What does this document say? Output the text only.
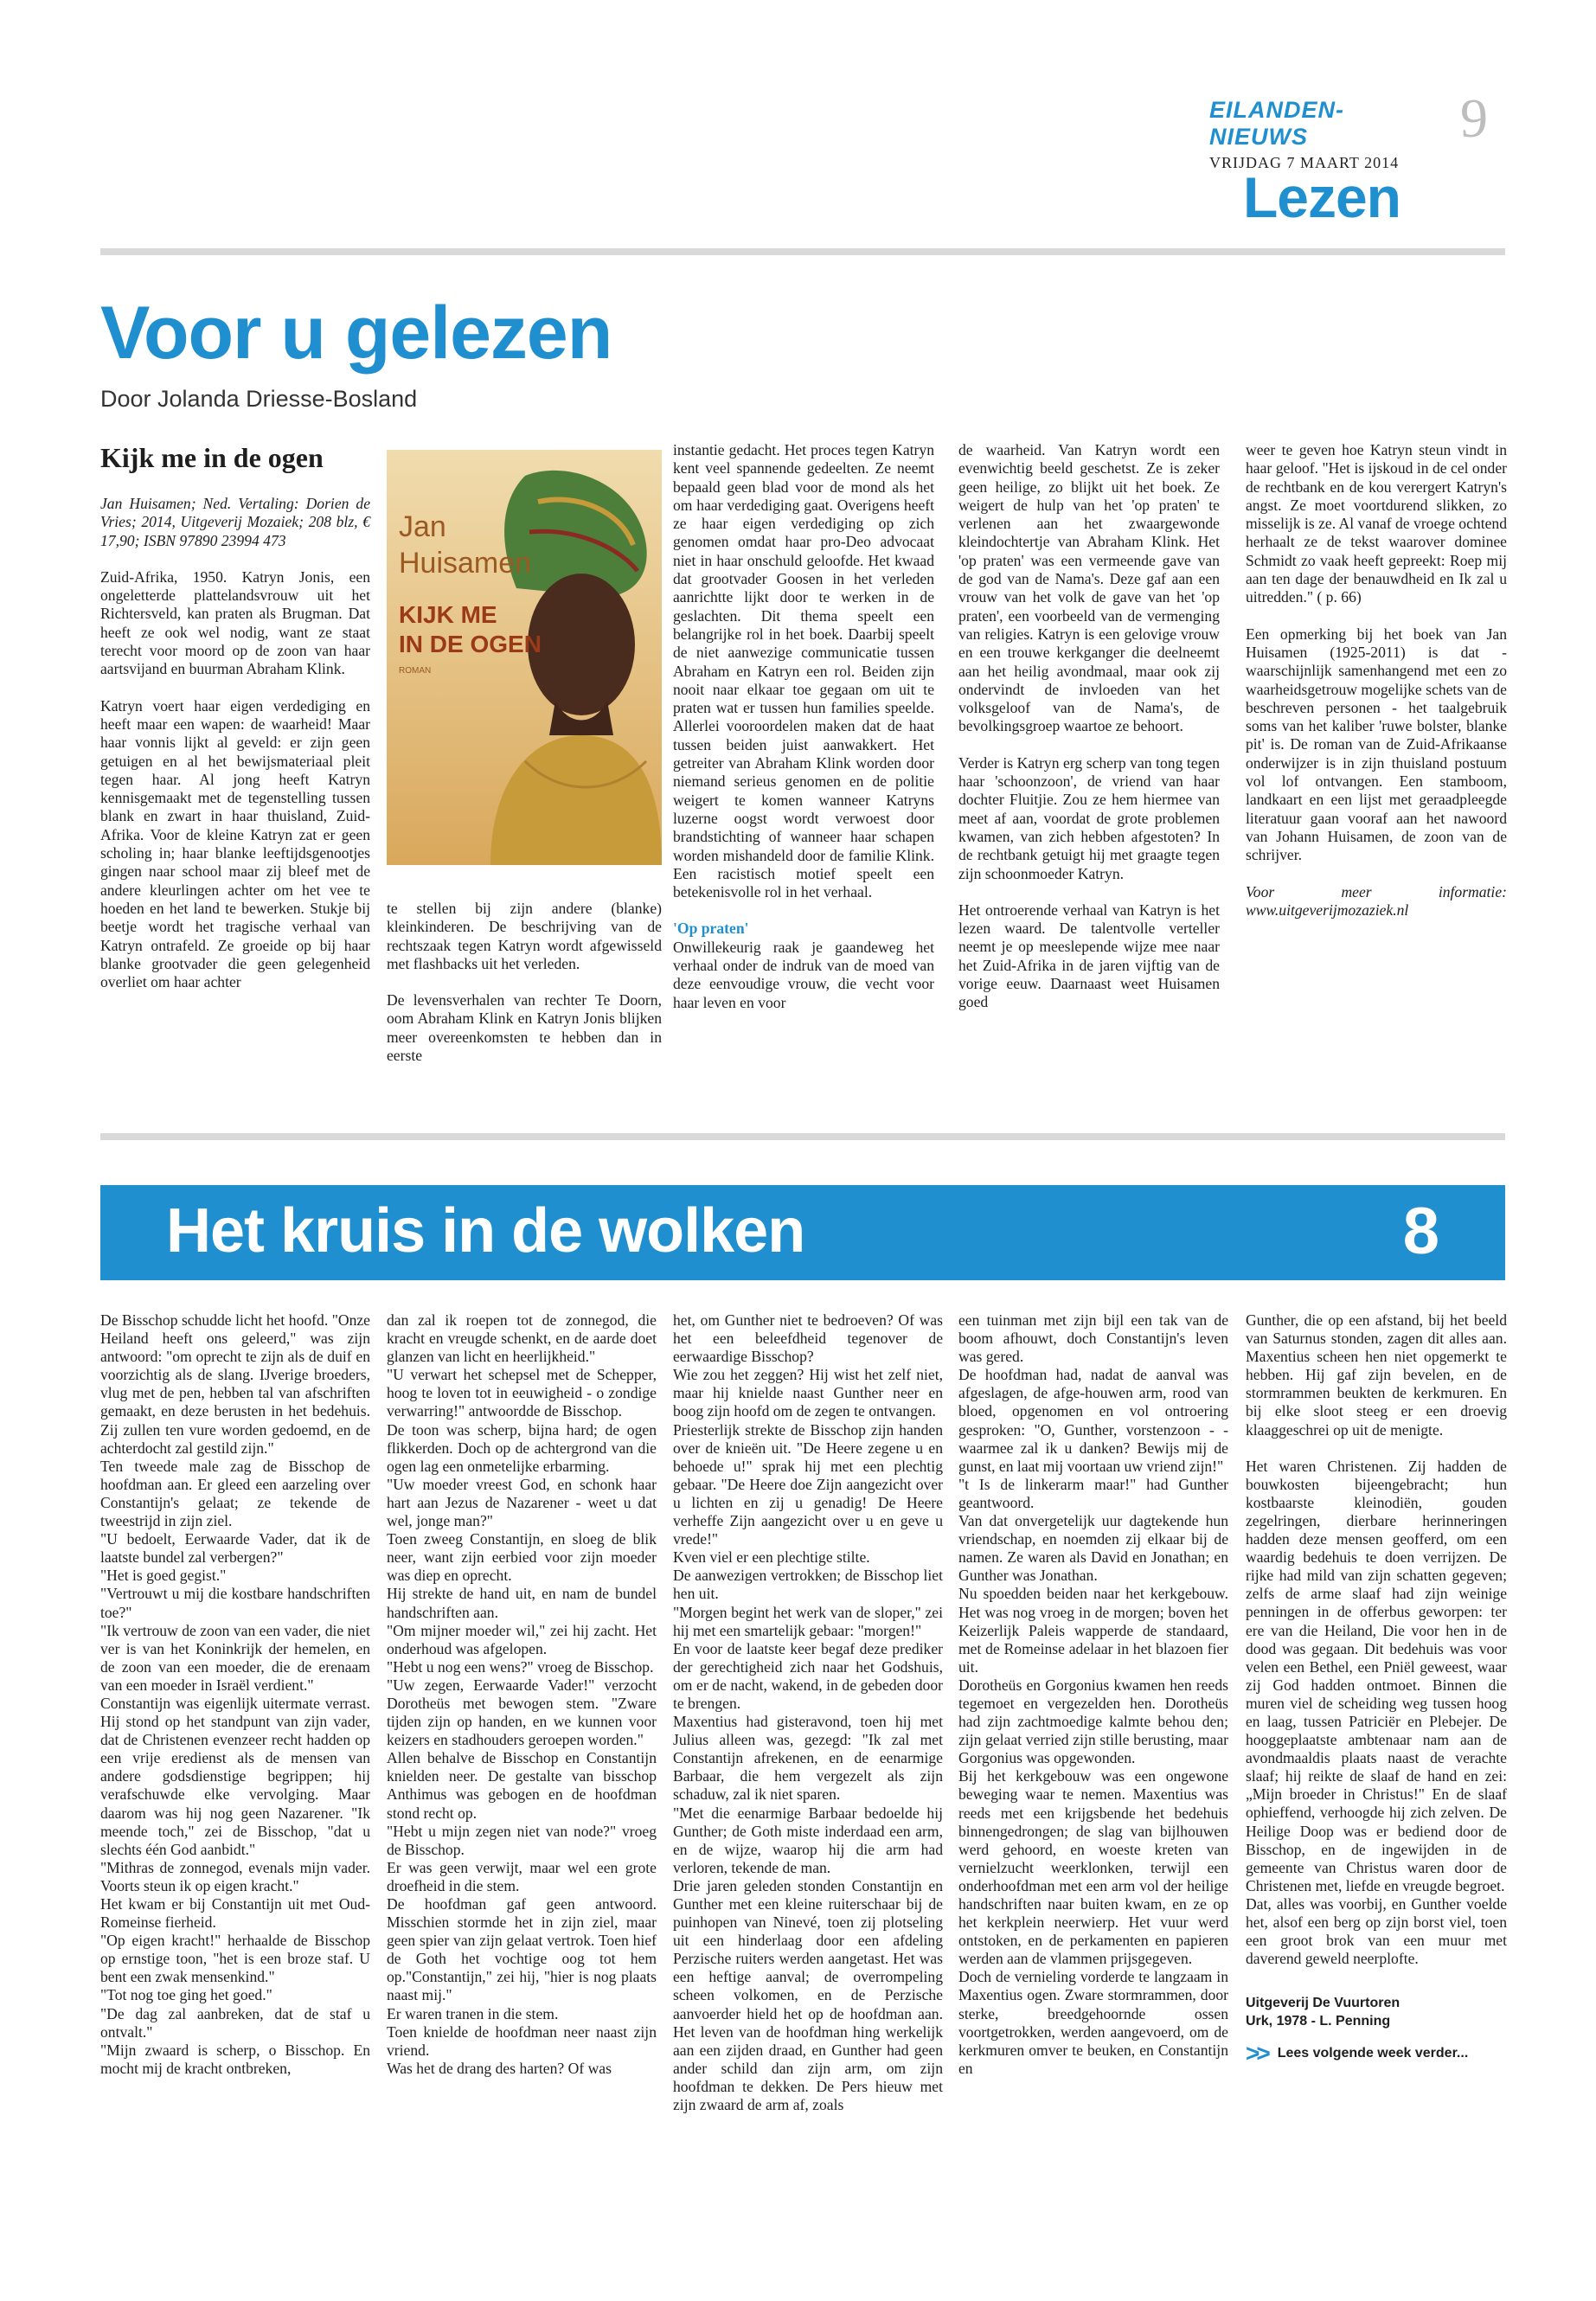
EILANDEN-NIEUWS
VRIJDAG 7 MAART 2014
9
Lezen
Voor u gelezen
Door Jolanda Driesse-Bosland
Kijk me in de ogen

Jan Huisamen; Ned. Vertaling: Dorien de Vries; 2014, Uitgeverij Mozaiek; 208 blz, € 17,90; ISBN 97890 23994 473

Zuid-Afrika, 1950. Katryn Jonis, een ongeletterde plattelandsvrouw uit het Richtersveld, kan praten als Brugman. Dat heeft ze ook wel nodig, want ze staat terecht voor moord op de zoon van haar aartsvijand en buurman Abraham Klink.

Katryn voert haar eigen verdediging en heeft maar een wapen: de waarheid! Maar haar vonnis lijkt al geveld: er zijn geen getuigen en al het bewijsmateriaal pleit tegen haar. Al jong heeft Katryn kennisgemaakt met de tegenstelling tussen blank en zwart in haar thuisland, Zuid-Afrika. Voor de kleine Katryn zat er geen scholing in; haar blanke leeftijdsgenootjes gingen naar school maar zij bleef met de andere kleurlingen achter om het vee te hoeden en het land te bewerken. Stukje bij beetje wordt het tragische verhaal van Katryn ontrafeld. Ze groeide op bij haar blanke grootvader die geen gelegenheid overliet om haar achter

Jan
Huisamen
KIJK ME
IN DE OGEN
ROMAN

te stellen bij zijn andere (blanke) kleinkinderen. De beschrijving van de rechtszaak tegen Katryn wordt afgewisseld met flashbacks uit het verleden.

De levensverhalen van rechter Te Doorn, oom Abraham Klink en Katryn Jonis blijken meer overeenkomsten te hebben dan in eerste

instantie gedacht. Het proces tegen Katryn kent veel spannende gedeelten. Ze neemt bepaald geen blad voor de mond als het om haar verdediging gaat. Overigens heeft ze haar eigen verdediging op zich genomen omdat haar pro-Deo advocaat niet in haar onschuld geloofde. Het kwaad dat grootvader Goosen in het verleden aanrichtte lijkt door te werken in de geslachten. Dit thema speelt een belangrijke rol in het boek. Daarbij speelt de niet aanwezige communicatie tussen Abraham en Katryn een rol. Beiden zijn nooit naar elkaar toe gegaan om uit te praten wat er tussen hun families speelde. Allerlei vooroordelen maken dat de haat tussen beiden juist aanwakkert. Het getreiter van Abraham Klink worden door niemand serieus genomen en de politie weigert te komen wanneer Katryns luzerne oogst wordt verwoest door brandstichting of wanneer haar schapen worden mishandeld door de familie Klink. Een racistisch motief speelt een betekenisvolle rol in het verhaal.

'Op praten'

Onwillekeurig raak je gaandeweg het verhaal onder de indruk van de moed van deze eenvoudige vrouw, die vecht voor haar leven en voor

de waarheid. Van Katryn wordt een evenwichtig beeld geschetst. Ze is zeker geen heilige, zo blijkt uit het boek. Ze weigert de hulp van het 'op praten' te verlenen aan het zwaargewonde kleindochtertje van Abraham Klink. Het 'op praten' was een vermeende gave van de god van de Nama's. Deze gaf aan een vrouw van het volk de gave van het 'op praten', een voorbeeld van de vermenging van religies. Katryn is een gelovige vrouw en een trouwe kerkganger die deelneemt aan het heilig avondmaal, maar ook zij ondervindt de invloeden van het volksgeloof van de Nama's, de bevolkingsgroep waartoe ze behoort.

Verder is Katryn erg scherp van tong tegen haar 'schoonzoon', de vriend van haar dochter Fluitjie. Zou ze hem hiermee van meet af aan, voordat de grote problemen kwamen, van zich hebben afgestoten? In de rechtbank getuigt hij met graagte tegen zijn schoonmoeder Katryn.

Het ontroerende verhaal van Katryn is het lezen waard. De talentvolle verteller neemt je op meeslepende wijze mee naar het Zuid-Afrika in de jaren vijftig van de vorige eeuw. Daarnaast weet Huisamen goed

weer te geven hoe Katryn steun vindt in haar geloof. "Het is ijskoud in de cel onder de rechtbank en de kou verergert Katryn's angst. Ze moet voortdurend slikken, zo misselijk is ze. Al vanaf de vroege ochtend herhaalt ze de tekst waarover dominee Schmidt zo vaak heeft gepreekt: Roep mij aan ten dage der benauwdheid en Ik zal u uitredden." ( p. 66)

Een opmerking bij het boek van Jan Huisamen (1925-2011) is dat - waarschijnlijk samenhangend met een zo waarheidsgetrouw mogelijke schets van de beschreven personen - het taalgebruik soms van het kaliber 'ruwe bolster, blanke pit' is. De roman van de Zuid-Afrikaanse onderwijzer is in zijn thuisland postuum vol lof ontvangen. Een stamboom, landkaart en een lijst met geraadpleegde literatuur gaan vooraf aan het nawoord van Johann Huisamen, de zoon van de schrijver.

Voor meer informatie: www.uitgeverijmozaziek.nl

Het kruis in de wolken	8

De Bisschop schudde licht het hoofd. "Onze Heiland heeft ons geleerd," was zijn antwoord: "om oprecht te zijn als de duif en voorzichtig als de slang. IJverige broeders, vlug met de pen, hebben tal van afschriften gemaakt, en deze berusten in het bedehuis. Zij zullen ten vure worden gedoemd, en de achterdocht zal gestild zijn."

Ten tweede male zag de Bisschop de hoofdman aan. Er gleed een aarzeling over Constantijn's gelaat; ze tekende de tweestrijd in zijn ziel.

"U bedoelt, Eerwaarde Vader, dat ik de laatste bundel zal verbergen?"

"Het is goed gegist."

"Vertrouwt u mij die kostbare handschriften toe?"

"Ik vertrouw de zoon van een vader, die niet ver is van het Koninkrijk der hemelen, en de zoon van een moeder, die de erenaam van een moeder in Israël verdient."

Constantijn was eigenlijk uitermate verrast. Hij stond op het standpunt van zijn vader, dat de Christenen evenzeer recht hadden op een vrije eredienst als de mensen van andere godsdienstige begrippen; hij verafschuwde elke vervolging. Maar daarom was hij nog geen Nazarener. "Ik meende toch," zei de Bisschop, "dat u slechts één God aanbidt."

"Mithras de zonnegod, evenals mijn vader. Voorts steun ik op eigen kracht."

Het kwam er bij Constantijn uit met Oud-Romeinse fierheid.

"Op eigen kracht!" herhaalde de Bisschop op ernstige toon, "het is een broze staf. U bent een zwak mensenkind."

"Tot nog toe ging het goed."

"De dag zal aanbreken, dat de staf u ontvalt."

"Mijn zwaard is scherp, o Bisschop. En mocht mij de kracht ontbreken,

dan zal ik roepen tot de zonnegod, die kracht en vreugde schenkt, en de aarde doet glanzen van licht en heerlijkheid."

"U verwart het schepsel met de Schepper, hoog te loven tot in eeuwigheid - o zondige verwarring!" antwoordde de Bisschop.

De toon was scherp, bijna hard; de ogen flikkerden. Doch op de achtergrond van die ogen lag een onmetelijke erbarming.

"Uw moeder vreest God, en schonk haar hart aan Jezus de Nazarener - weet u dat wel, jonge man?"

Toen zweeg Constantijn, en sloeg de blik neer, want zijn eerbied voor zijn moeder was diep en oprecht.

Hij strekte de hand uit, en nam de bundel handschriften aan.

"Om mijner moeder wil," zei hij zacht. Het onderhoud was afgelopen.

"Hebt u nog een wens?" vroeg de Bisschop.

"Uw zegen, Eerwaarde Vader!" verzocht Dorotheüs met bewogen stem. "Zware tijden zijn op handen, en we kunnen voor keizers en stadhouders geroepen worden."

Allen behalve de Bisschop en Constantijn knielden neer. De gestalte van bisschop Anthimus was gebogen en de hoofdman stond recht op.

"Hebt u mijn zegen niet van node?" vroeg de Bisschop.

Er was geen verwijt, maar wel een grote droefheid in die stem.

De hoofdman gaf geen antwoord. Misschien stormde het in zijn ziel, maar geen spier van zijn gelaat vertrok. Toen hief de Goth het vochtige oog tot hem op."Constantijn," zei hij, "hier is nog plaats naast mij."

Er waren tranen in die stem.

Toen knielde de hoofdman neer naast zijn vriend.

Was het de drang des harten? Of was

het, om Gunther niet te bedroeven? Of was het een beleefdheid tegenover de eerwaardige Bisschop?

Wie zou het zeggen? Hij wist het zelf niet, maar hij knielde naast Gunther neer en boog zijn hoofd om de zegen te ontvangen.

Priesterlijk strekte de Bisschop zijn handen over de knieën uit. "De Heere zegene u en behoede u!" sprak hij met een plechtig gebaar. "De Heere doe Zijn aangezicht over u lichten en zij u genadig! De Heere verheffe Zijn aangezicht over u en geve u vrede!"

Kven viel er een plechtige stilte.

De aanwezigen vertrokken; de Bisschop liet hen uit.

"Morgen begint het werk van de sloper," zei hij met een smartelijk gebaar: "morgen!"

En voor de laatste keer begaf deze prediker der gerechtigheid zich naar het Godshuis, om er de nacht, wakend, in de gebeden door te brengen.

Maxentius had gisteravond, toen hij met Julius alleen was, gezegd: "Ik zal met Constantijn afrekenen, en de eenarmige Barbaar, die hem vergezelt als zijn schaduw, zal ik niet sparen.

"Met die eenarmige Barbaar bedoelde hij Gunther; de Goth miste inderdaad een arm, en de wijze, waarop hij die arm had verloren, tekende de man.

Drie jaren geleden stonden Constantijn en Gunther met een kleine ruiterschaar bij de puinhopen van Ninevé, toen zij plotseling uit een hinderlaag door een afdeling Perzische ruiters werden aangetast. Het was een heftige aanval; de overrompeling scheen volkomen, en de Perzische aanvoerder hield het op de hoofdman aan. Het leven van de hoofdman hing werkelijk aan een zijden draad, en Gunther had geen ander schild dan zijn arm, om zijn hoofdman te dekken. De Pers hieuw met zijn zwaard de arm af, zoals

een tuinman met zijn bijl een tak van de boom afhouwt, doch Constantijn's leven was gered.

De hoofdman had, nadat de aanval was afgeslagen, de afge-houwen arm, rood van bloed, opgenomen en vol ontroering gesproken: "O, Gunther, vorstenzoon - - waarmee zal ik u danken? Bewijs mij de gunst, en laat mij voortaan uw vriend zijn!"

"t Is de linkerarm maar!" had Gunther geantwoord.

Van dat onvergetelijk uur dagtekende hun vriendschap, en noemden zij elkaar bij de namen. Ze waren als David en Jonathan; en Gunther was Jonathan.

Nu spoedden beiden naar het kerkgebouw. Het was nog vroeg in de morgen; boven het Keizerlijk Paleis wapperde de standaard, met de Romeinse adelaar in het blazoen fier uit.

Dorotheüs en Gorgonius kwamen hen reeds tegemoet en vergezelden hen. Dorotheüs had zijn zachtmoedige kalmte behou den; zijn gelaat verried zijn stille berusting, maar Gorgonius was opgewonden.

Bij het kerkgebouw was een ongewone beweging waar te nemen. Maxentius was reeds met een krijgsbende het bedehuis binnengedrongen; de slag van bijlhouwen werd gehoord, en woeste kreten van vernielzucht weerklonken, terwijl een onderhoofdman met een arm vol der heilige handschriften naar buiten kwam, en ze op het kerkplein neerwierp. Het vuur werd ontstoken, en de perkamenten en papieren werden aan de vlammen prijsgegeven.

Doch de vernieling vorderde te langzaam in Maxentius ogen. Zware stormrammen, door sterke, breedgehoornde ossen voortgetrokken, werden aangevoerd, om de kerkmuren omver te beuken, en Constantijn en

Gunther, die op een afstand, bij het beeld van Saturnus stonden, zagen dit alles aan. Maxentius scheen hen niet opgemerkt te hebben. Hij gaf zijn bevelen, en de stormrammen beukten de kerkmuren. En bij elke sloot steeg er een droevig klaaggeschrei op uit de menigte.

Het waren Christenen. Zij hadden de bouwkosten bijeengebracht; hun kostbaarste kleinodiën, gouden zegelringen, dierbare herinneringen hadden deze mensen geofferd, om een waardig bedehuis te doen verrijzen. De rijke had mild van zijn schatten gegeven; zelfs de arme slaaf had zijn weinige penningen in de offerbus geworpen: ter ere van die Heiland, Die voor hen in de dood was gegaan. Dit bedehuis was voor velen een Bethel, een Pniël geweest, waar zij God hadden ontmoet. Binnen die muren viel de scheiding weg tussen hoog en laag, tussen Patriciër en Plebejer. De hooggeplaatste ambtenaar nam aan de avondmaaldis plaats naast de verachte slaaf; hij reikte de slaaf de hand en zei: „Mijn broeder in Christus!" En de slaaf ophieffend, verhoogde hij zich zelven. De Heilige Doop was er bediend door de Bisschop, en de ingewijden in de gemeente van Christus waren door de Christenen met, liefde en vreugde begroet.

Dat, alles was voorbij, en Gunther voelde het, alsof een berg op zijn borst viel, toen een groot brok van een muur met daverend geweld neerplofte.

Uitgeverij De Vuurtoren
Urk, 1978 - L. Penning
>> Lees volgende week verder...
